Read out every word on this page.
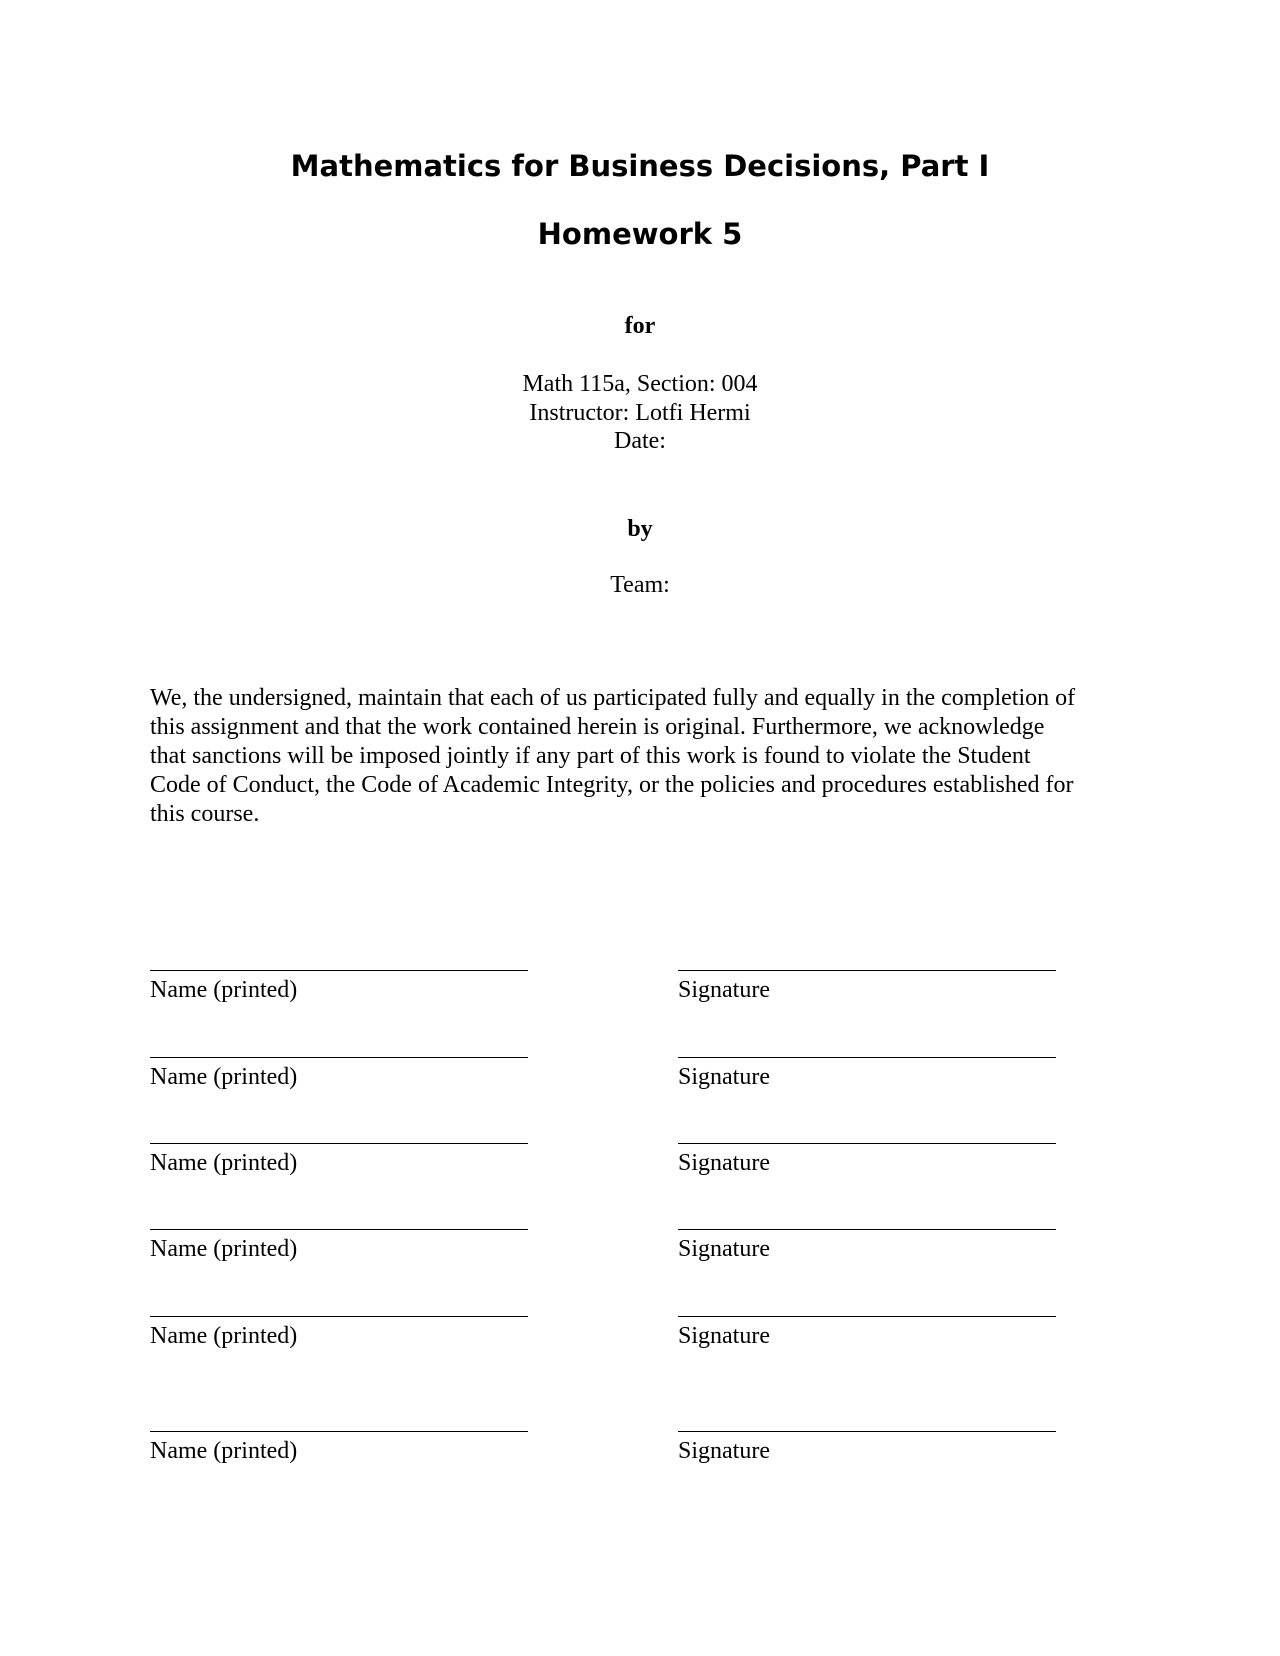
Mathematics for Business Decisions, Part I
Homework 5
for
Math 115a, Section: 004
Instructor: Lotfi Hermi
Date:
by
Team:
We, the undersigned, maintain that each of us participated fully and equally in the completion of
this assignment and that the work contained herein is original. Furthermore, we acknowledge
that sanctions will be imposed jointly if any part of this work is found to violate the Student
Code of Conduct, the Code of Academic Integrity, or the policies and procedures established for
this course.
Name (printed)	Signature
Name (printed)	Signature
Name (printed)	Signature
Name (printed)	Signature
Name (printed)	Signature
Name (printed)	Signature
